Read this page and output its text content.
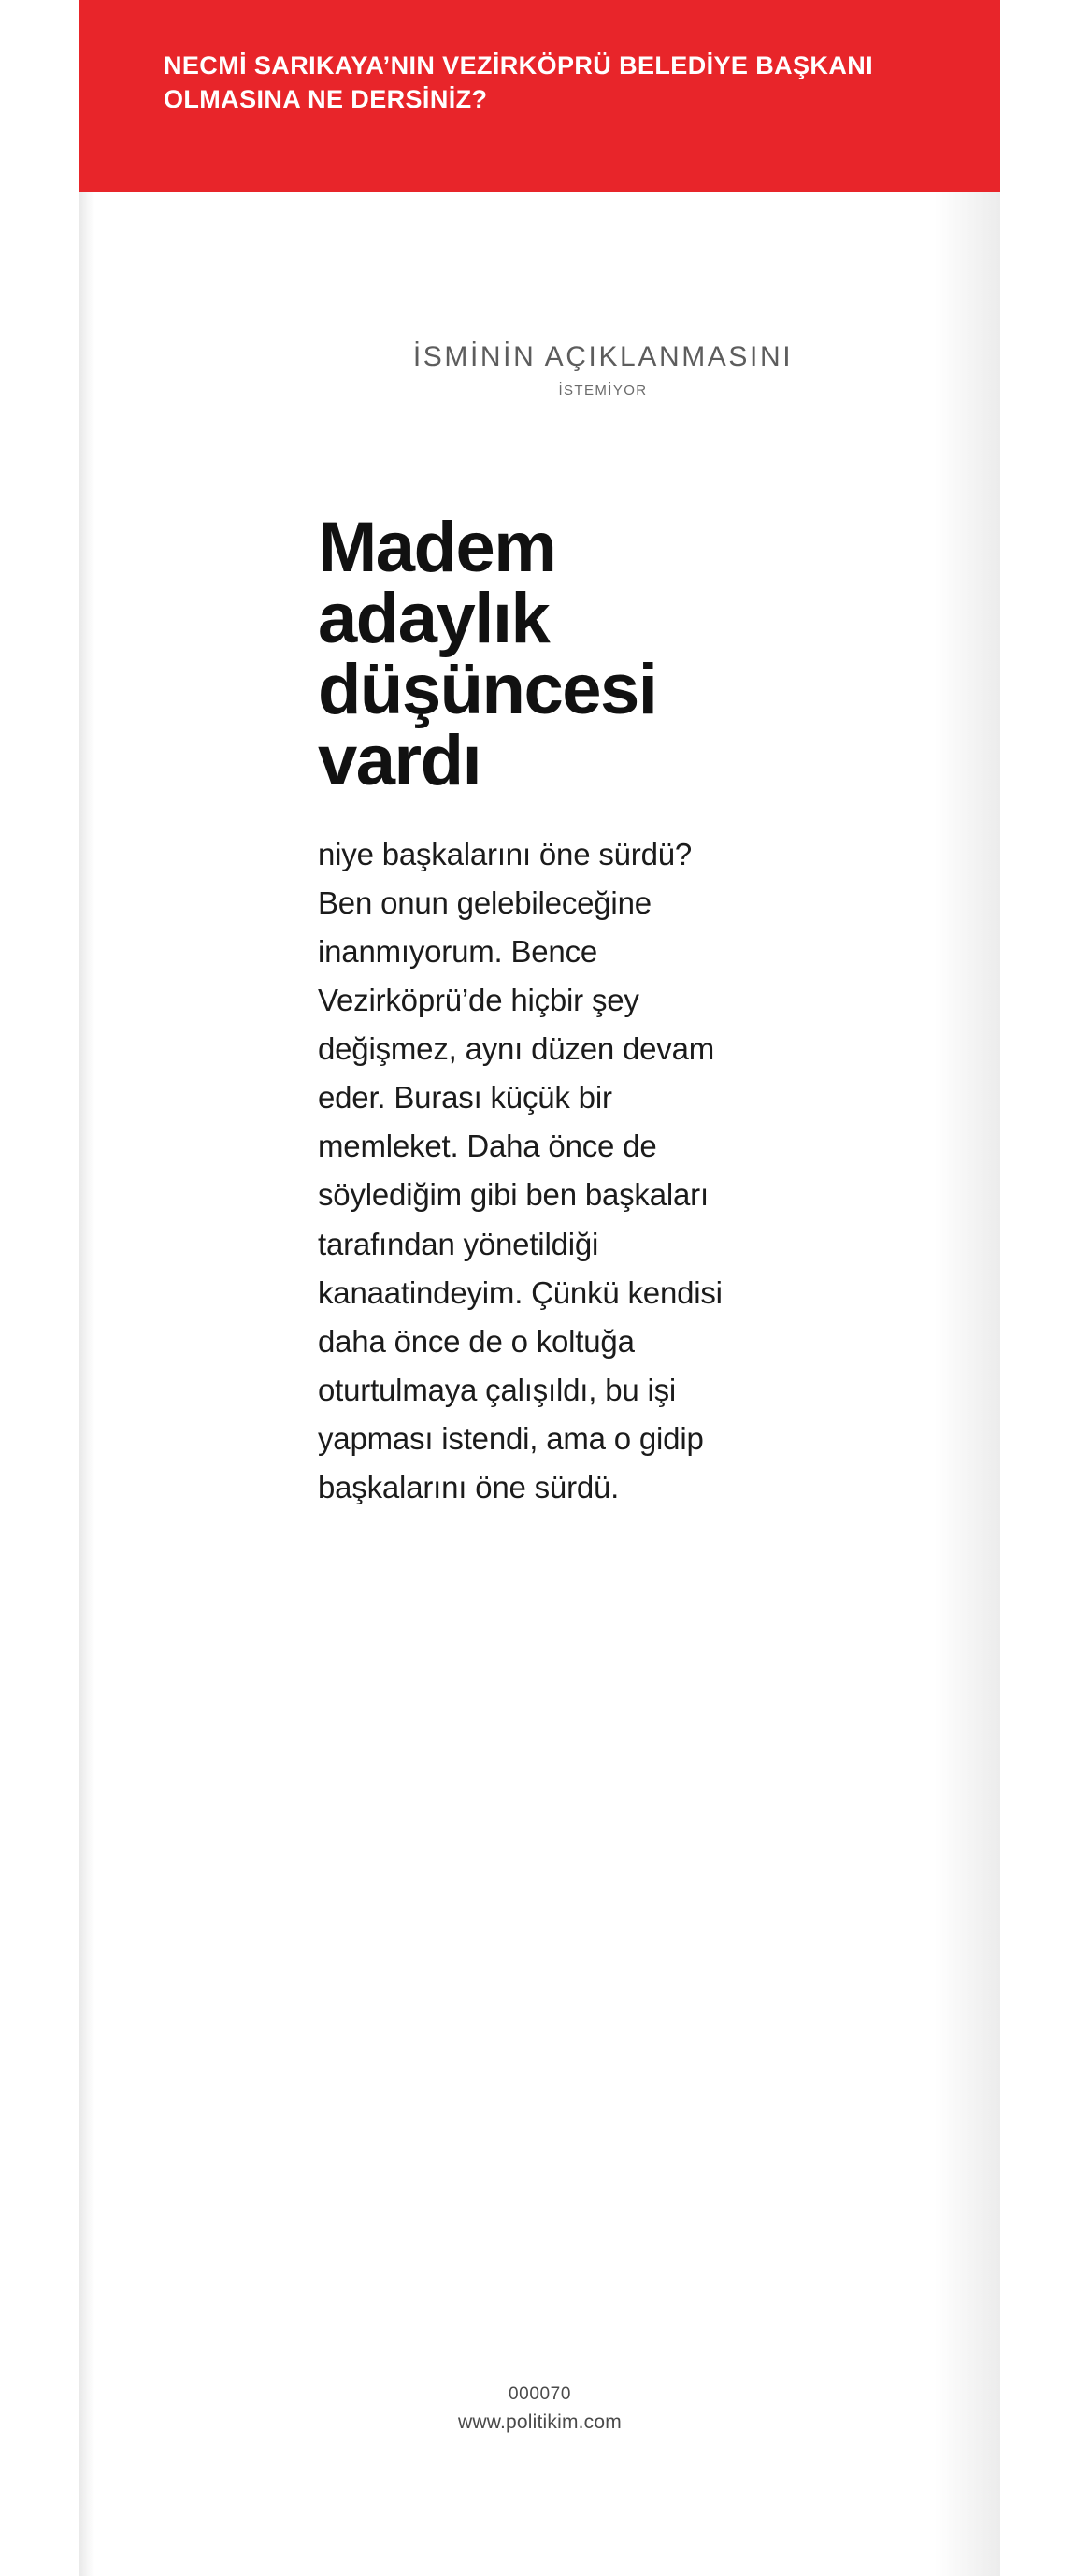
NECMİ SARIKAYA’NIN VEZİRKÖPRÜ BELEDİYE BAŞKANI OLMASINA NE DERSİNİZ?
İSMİNİN AÇIKLANMASINI
İSTEMİYOR
Madem adaylık düşüncesi vardı
niye başkalarını öne sürdü? Ben onun gelebileceğine inanmıyorum. Bence Vezirköprü’de hiçbir şey değişmez, aynı düzen devam eder. Burası küçük bir memleket. Daha önce de söylediğim gibi ben başkaları tarafından yönetildiği kanaatindeyim. Çünkü kendisi daha önce de o koltuğa oturtulmaya çalışıldı, bu işi yapması istendi, ama o gidip başkalarını öne sürdü.
000070
www.politikim.com
